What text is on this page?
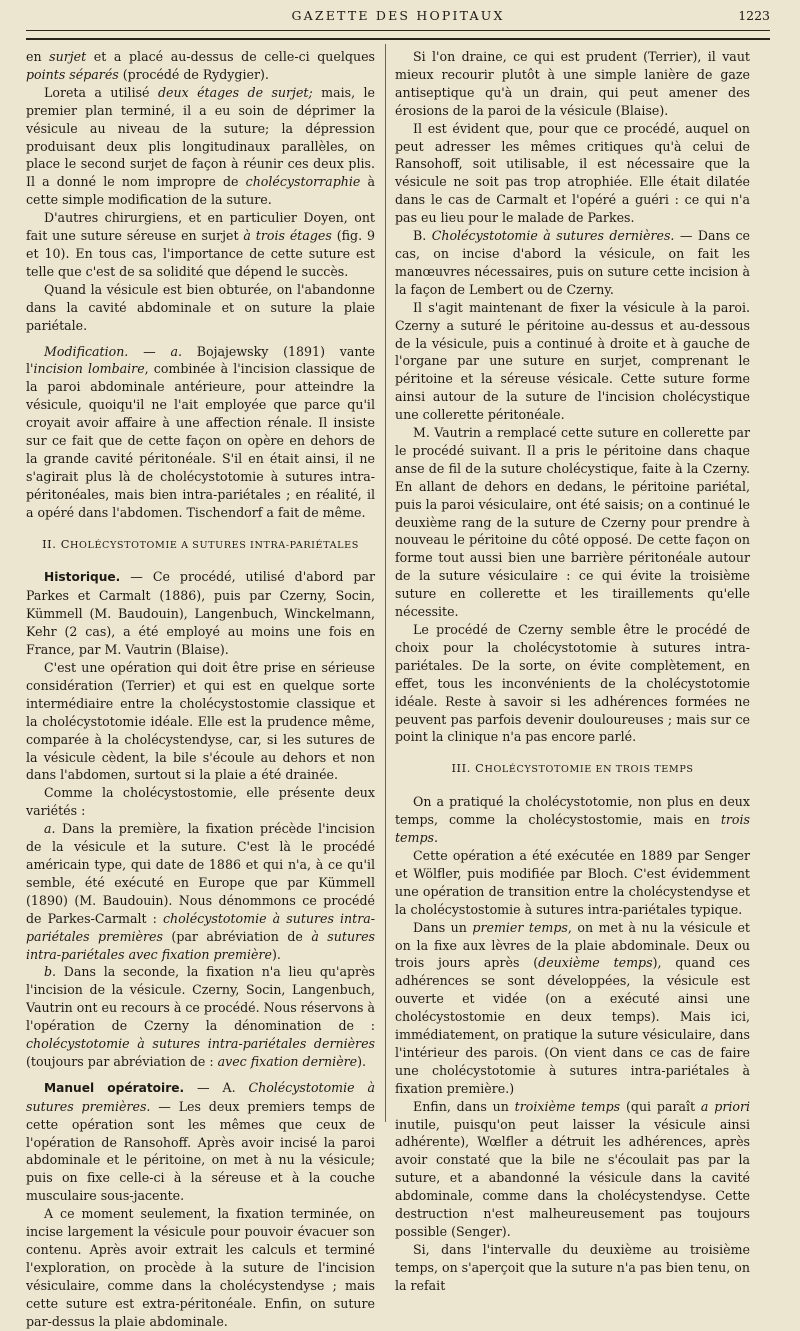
GAZETTE DES HOPITAUX	1223

en surjet et a placé au-dessus de celle-ci quelques points séparés (procédé de Rydygier).

Loreta a utilisé deux étages de surjet; mais, le premier plan terminé, il a eu soin de déprimer la vésicule au niveau de la suture; la dépression produisant deux plis longitudinaux parallèles, on place le second surjet de façon à réunir ces deux plis. Il a donné le nom impropre de cholécystorraphie à cette simple modification de la suture.

D'autres chirurgiens, et en particulier Doyen, ont fait une suture séreuse en surjet à trois étages (fig. 9 et 10). En tous cas, l'importance de cette suture est telle que c'est de sa solidité que dépend le succès.

Quand la vésicule est bien obturée, on l'abandonne dans la cavité abdominale et on suture la plaie pariétale.

Modification. — a. Bojajewsky (1891) vante l'incision lombaire, combinée à l'incision classique de la paroi abdominale antérieure, pour atteindre la vésicule, quoiqu'il ne l'ait employée que parce qu'il croyait avoir affaire à une affection rénale. Il insiste sur ce fait que de cette façon on opère en dehors de la grande cavité péritonéale. S'il en était ainsi, il ne s'agirait plus là de cholécystotomie à sutures intra-péritonéales, mais bien intra-pariétales ; en réalité, il a opéré dans l'abdomen. Tischendorf a fait de même.

II. CHOLÉCYSTOTOMIE A SUTURES INTRA-PARIÉTALES

Historique. — Ce procédé, utilisé d'abord par Parkes et Carmalt (1886), puis par Czerny, Socin, Kümmell (M. Baudouin), Langenbuch, Winckelmann, Kehr (2 cas), a été employé au moins une fois en France, par M. Vautrin (Blaise).

C'est une opération qui doit être prise en sérieuse considération (Terrier) et qui est en quelque sorte intermédiaire entre la cholécystostomie classique et la cholécystotomie idéale. Elle est la prudence même, comparée à la cholécystendyse, car, si les sutures de la vésicule cèdent, la bile s'écoule au dehors et non dans l'abdomen, surtout si la plaie a été drainée.

Comme la cholécystostomie, elle présente deux variétés :

a. Dans la première, la fixation précède l'incision de la vésicule et la suture. C'est là le procédé américain type, qui date de 1886 et qui n'a, à ce qu'il semble, été exécuté en Europe que par Kümmell (1890) (M. Baudouin). Nous dénommons ce procédé de Parkes-Carmalt : cholécystotomie à sutures intra-pariétales premières (par abréviation de à sutures intra-pariétales avec fixation première).

b. Dans la seconde, la fixation n'a lieu qu'après l'incision de la vésicule. Czerny, Socin, Langenbuch, Vautrin ont eu recours à ce procédé. Nous réservons à l'opération de Czerny la dénomination de : cholécystotomie à sutures intra-pariétales dernières (toujours par abréviation de : avec fixation dernière).

Manuel opératoire. — A. Cholécystotomie à sutures premières. — Les deux premiers temps de cette opération sont les mêmes que ceux de l'opération de Ransohoff. Après avoir incisé la paroi abdominale et le péritoine, on met à nu la vésicule; puis on fixe celle-ci à la séreuse et à la couche musculaire sous-jacente.

A ce moment seulement, la fixation terminée, on incise largement la vésicule pour pouvoir évacuer son contenu. Après avoir extrait les calculs et terminé l'exploration, on procède à la suture de l'incision vésiculaire, comme dans la cholécystendyse ; mais cette suture est extra-péritonéale. Enfin, on suture par-dessus la plaie abdominale.

Si l'on draine, ce qui est prudent (Terrier), il vaut mieux recourir plutôt à une simple lanière de gaze antiseptique qu'à un drain, qui peut amener des érosions de la paroi de la vésicule (Blaise).

Il est évident que, pour que ce procédé, auquel on peut adresser les mêmes critiques qu'à celui de Ransohoff, soit utilisable, il est nécessaire que la vésicule ne soit pas trop atrophiée. Elle était dilatée dans le cas de Carmalt et l'opéré a guéri : ce qui n'a pas eu lieu pour le malade de Parkes.

B. Cholécystotomie à sutures dernières. — Dans ce cas, on incise d'abord la vésicule, on fait les manœuvres nécessaires, puis on suture cette incision à la façon de Lembert ou de Czerny.

Il s'agit maintenant de fixer la vésicule à la paroi. Czerny a suturé le péritoine au-dessus et au-dessous de la vésicule, puis a continué à droite et à gauche de l'organe par une suture en surjet, comprenant le péritoine et la séreuse vésicale. Cette suture forme ainsi autour de la suture de l'incision cholécystique une collerette péritonéale.

M. Vautrin a remplacé cette suture en collerette par le procédé suivant. Il a pris le péritoine dans chaque anse de fil de la suture cholécystique, faite à la Czerny. En allant de dehors en dedans, le péritoine pariétal, puis la paroi vésiculaire, ont été saisis; on a continué le deuxième rang de la suture de Czerny pour prendre à nouveau le péritoine du côté opposé. De cette façon on forme tout aussi bien une barrière péritonéale autour de la suture vésiculaire : ce qui évite la troisième suture en collerette et les tiraillements qu'elle nécessite.

Le procédé de Czerny semble être le procédé de choix pour la cholécystotomie à sutures intra-pariétales. De la sorte, on évite complètement, en effet, tous les inconvénients de la cholécystotomie idéale. Reste à savoir si les adhérences formées ne peuvent pas parfois devenir douloureuses ; mais sur ce point la clinique n'a pas encore parlé.

III. CHOLÉCYSTOTOMIE EN TROIS TEMPS

On a pratiqué la cholécystotomie, non plus en deux temps, comme la cholécystostomie, mais en trois temps.

Cette opération a été exécutée en 1889 par Senger et Wölfler, puis modifiée par Bloch. C'est évidemment une opération de transition entre la cholécystendyse et la cholécystostomie à sutures intra-pariétales typique.

Dans un premier temps, on met à nu la vésicule et on la fixe aux lèvres de la plaie abdominale. Deux ou trois jours après (deuxième temps), quand ces adhérences se sont développées, la vésicule est ouverte et vidée (on a exécuté ainsi une cholécystostomie en deux temps). Mais ici, immédiatement, on pratique la suture vésiculaire, dans l'intérieur des parois. (On vient dans ce cas de faire une cholécystotomie à sutures intra-pariétales à fixation première.)

Enfin, dans un troixième temps (qui paraît a priori inutile, puisqu'on peut laisser la vésicule ainsi adhérente), Wœlfler a détruit les adhérences, après avoir constaté que la bile ne s'écoulait pas par la suture, et a abandonné la vésicule dans la cavité abdominale, comme dans la cholécystendyse. Cette destruction n'est malheureusement pas toujours possible (Senger).

Si, dans l'intervalle du deuxième au troisième temps, on s'aperçoit que la suture n'a pas bien tenu, on la refait
